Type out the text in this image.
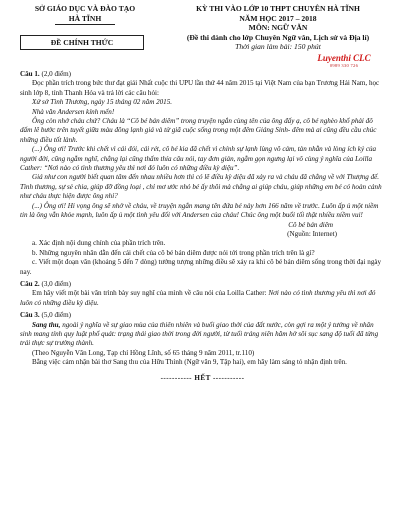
SỞ GIÁO DỤC VÀ ĐÀO TẠO
HÀ TĨNH
ĐỀ CHÍNH THỨC
KỲ THI VÀO LỚP 10 THPT CHUYÊN HÀ TĨNH
NĂM HỌC 2017 – 2018
MÔN: NGỮ VĂN
(Đề thi dành cho lớp Chuyên Ngữ văn, Lịch sử và Địa lí)
Thời gian làm bài: 150 phút
Luyenthi CLC
0989 330 726

Câu 1. (2,0 điểm)

Đọc phần trích trong bức thư đạt giải Nhất cuộc thi UPU lần thứ 44 năm 2015 tại Việt Nam của bạn Trương Hải Nam, học sinh lớp 8, tỉnh Thanh Hóa và trả lời các câu hỏi:

Xứ sở Tình Thương, ngày 15 tháng 02 năm 2015.

Nhà văn Andersen kính mến!

Ông còn nhớ cháu chứ? Cháu là “Cô bé bán diêm” trong truyện ngắn cùng tên của ông đấy ạ, cô bé nghèo khổ phải đô dấm lê bước trên tuyết giữa màu đông lạnh giá và từ giã cuộc sống trong một đêm Giáng Sinh- đêm mà ai cũng đều cầu chúc những điều tốt lành.

(...) Ông ơi! Trước khi chết vì cái đói, cái rét, cô bé kia đã chết vì chính sự lạnh lùng vô cảm, tàn nhẫn và lòng ích kỷ của người đời, cũng ngẫm nghĩ, chẳng lại cũng thấm thía câu nói, tay đơn giản, ngẫm gọn ngưng lại vô cùng ý nghĩa của Loilla Cather: “Nơi nào có tình thương yêu thì nơi đó luôn có những điều kỳ diệu”.

Giá như con người biết quan tâm đến nhau nhiều hơn thì có lẽ điều kỳ diệu đã xảy ra và cháu đã chẳng về với Thượng đế. Tình thương, sự sẻ chia, giúp đỡ đồng loại , chỉ mơ ước nhỏ bé ấy thôi mà chẳng ai giúp cháu, giúp những em bé có hoàn cảnh như cháu thực hiện được ông nhỉ?

(...) Ông ơi! Hi vọng ông sẽ nhớ về cháu, về truyện ngắn mang tên đứa bé này hơn 166 năm về trước. Luôn ấp ủ một niềm tin là ông vẫn khỏe mạnh, luôn ấp ủ một tình yêu đối với Andersen của cháu! Chúc ông một buổi tối thật nhiều niềm vui!

Cô bé bán diêm

(Nguồn: Internet)

a. Xác định nội dung chính của phần trích trên.

b. Những nguyên nhân dẫn đến cái chết của cô bé bán diêm được nói tới trong phần trích trên là gì?

c. Viết một đoạn văn (khoảng 5 đến 7 dòng) tưởng tượng những điều sẽ xảy ra khi cô bé bán diêm sống trong thời đại ngày nay.

Câu 2. (3,0 điểm)

Em hãy viết một bài văn trình bày suy nghĩ của mình về câu nói của Loilla Cather: Nơi nào có tình thương yêu thì nơi đó luôn có những điều kỳ diệu.

Câu 3. (5,0 điểm)

Sang thu, ngoài ý nghĩa về sự giao mùa của thiên nhiên và buổi giao thời của đất nước, còn gợi ra một ý tưởng về nhân sinh mang tính quy luật phổ quát: trạng thái giao thời trong đời người, từ tuổi tráng niên hăm hở sôi sục sang độ tuổi đã từng trải thực sự trưởng thành.

(Theo Nguyễn Văn Long, Tạp chí Hồng Lĩnh, số 65 tháng 9 năm 2011, tr.110)

Bằng việc cảm nhận bài thơ Sang thu của Hữu Thỉnh (Ngữ văn 9, Tập hai), em hãy làm sáng tỏ nhận định trên.

----------- HẾT -----------
